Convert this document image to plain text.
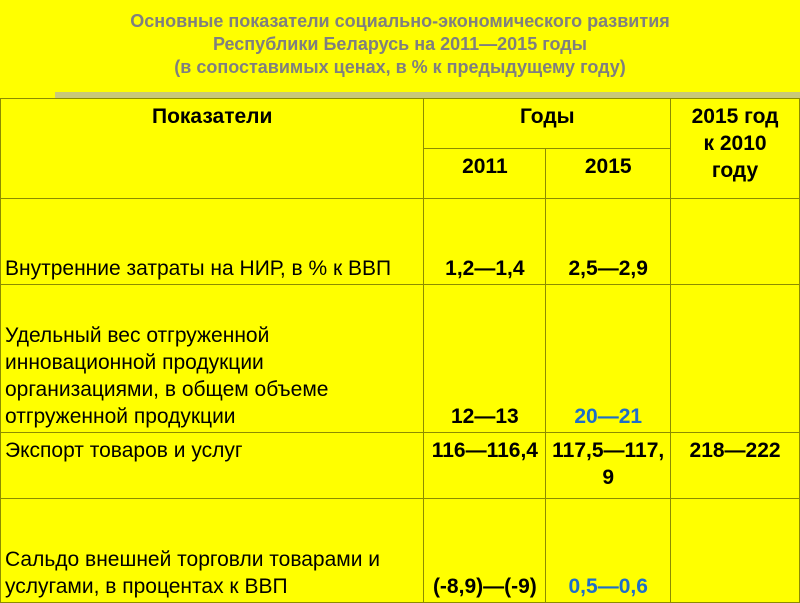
Основные показатели социально-экономического развития
Республики Беларусь на 2011—2015 годы
(в сопоставимых ценах, в % к предыдущему году)
Показатели	Годы		2015 год
к 2010
году

	2011	2015	
Внутренние затраты на НИР, в % к ВВП	1,2—1,4	2,5—2,9	
Удельный вес отгруженной инновационной продукции организациями, в общем объеме отгруженной продукции	12—13	20—21	
Экспорт товаров и услуг	116—116,4	117,5—117,9	218—222
Сальдо внешней торговли товарами и услугами, в процентах к ВВП	(-8,9)—(-9)	0,5—0,6	
